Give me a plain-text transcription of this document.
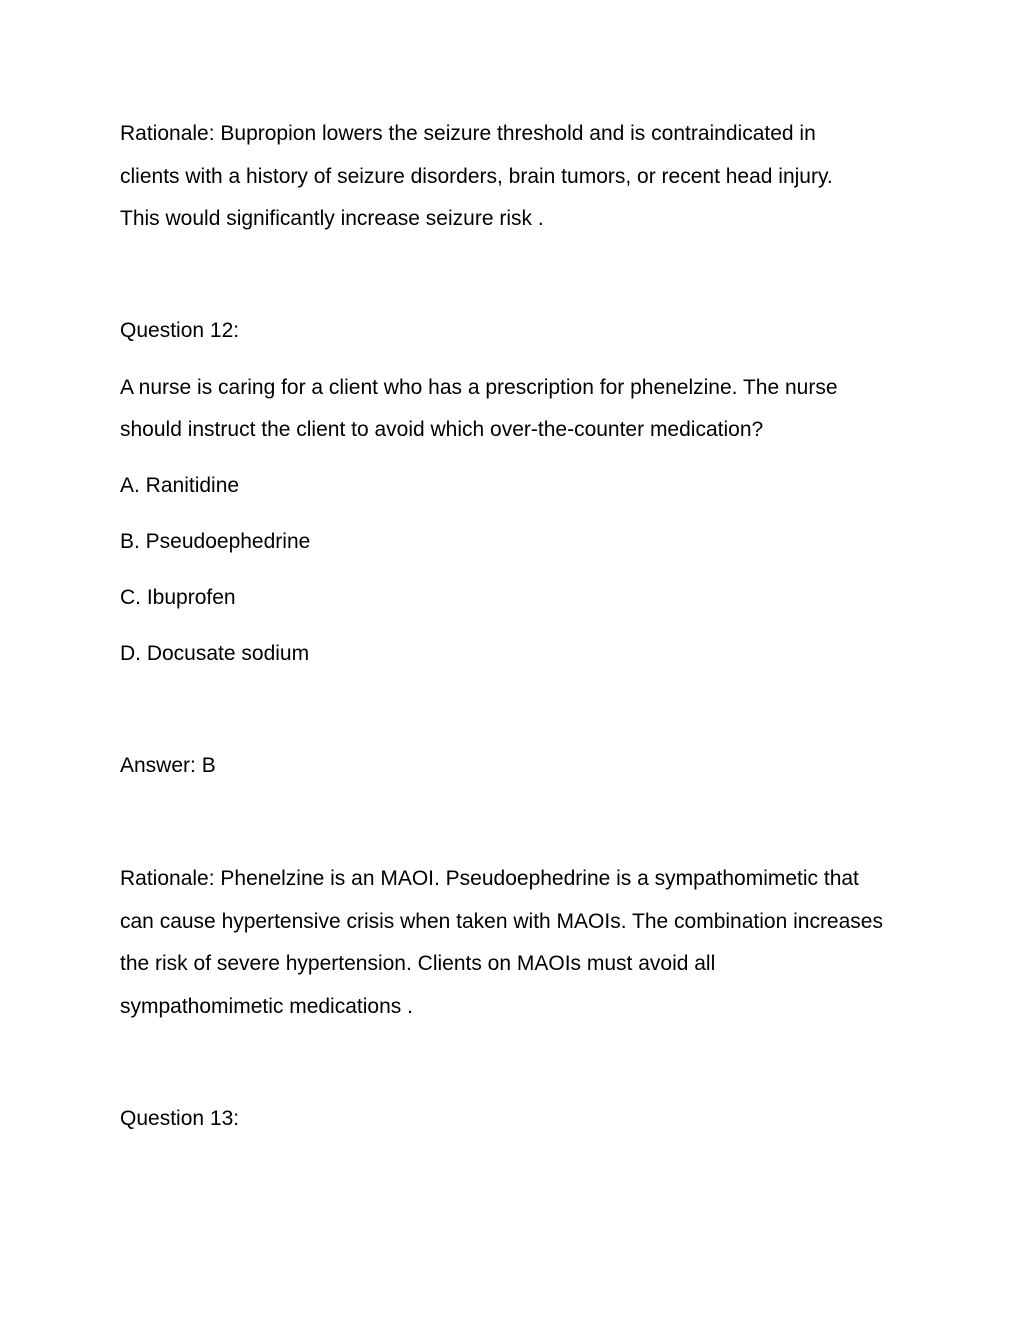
Rationale: Bupropion lowers the seizure threshold and is contraindicated in
clients with a history of seizure disorders, brain tumors, or recent head injury.
This would significantly increase seizure risk .
Question 12:
A nurse is caring for a client who has a prescription for phenelzine. The nurse
should instruct the client to avoid which over-the-counter medication?
A. Ranitidine
B. Pseudoephedrine
C. Ibuprofen
D. Docusate sodium
Answer: B
Rationale: Phenelzine is an MAOI. Pseudoephedrine is a sympathomimetic that
can cause hypertensive crisis when taken with MAOIs. The combination increases
the risk of severe hypertension. Clients on MAOIs must avoid all
sympathomimetic medications .
Question 13:
